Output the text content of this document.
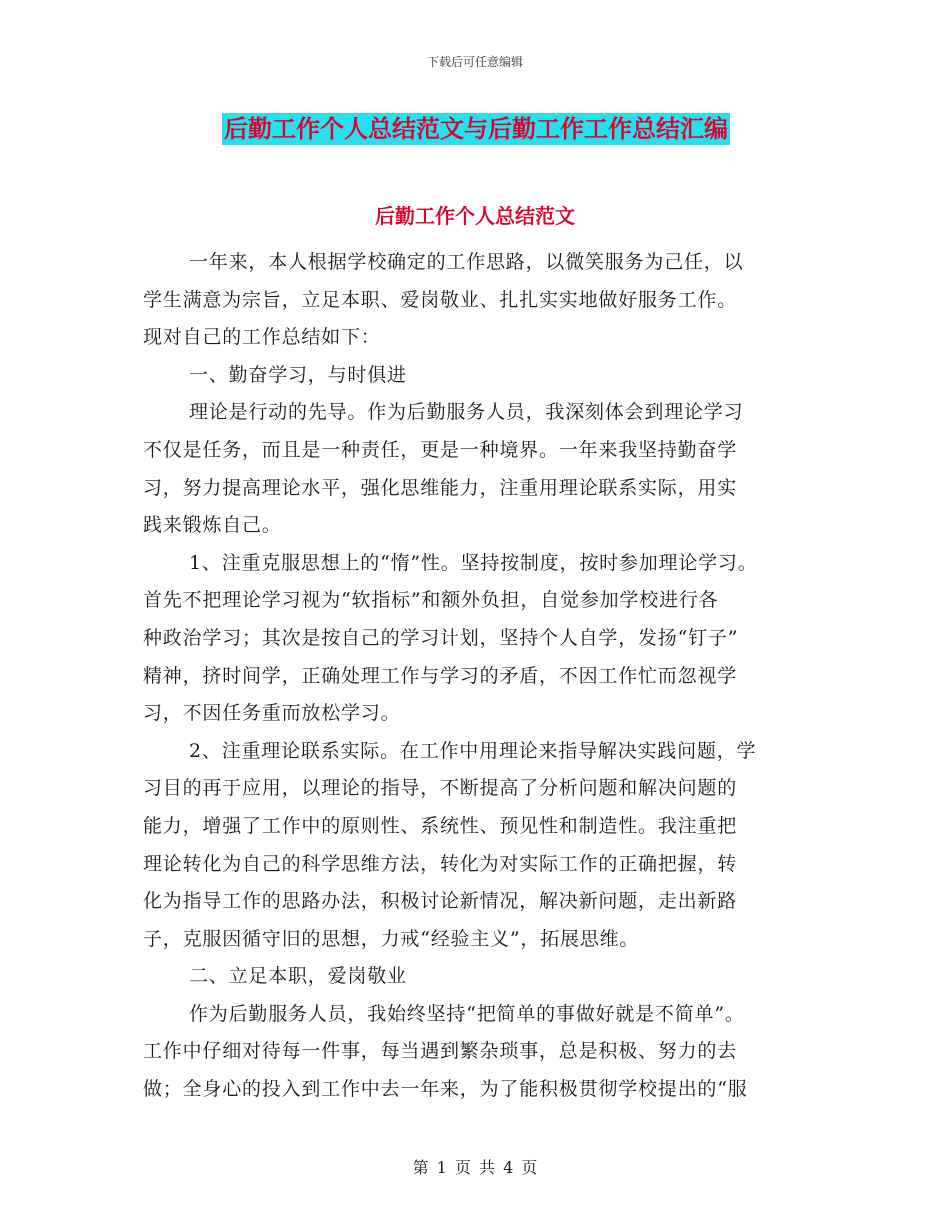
下载后可任意编辑
后勤工作个人总结范文与后勤工作工作总结汇编
后勤工作个人总结范文
一年来，本人根据学校确定的工作思路，以微笑服务为己任，以
学生满意为宗旨，立足本职、爱岗敬业、扎扎实实地做好服务工作。
现对自己的工作总结如下：
一、勤奋学习，与时俱进
理论是行动的先导。作为后勤服务人员，我深刻体会到理论学习
不仅是任务，而且是一种责任，更是一种境界。一年来我坚持勤奋学
习，努力提高理论水平，强化思维能力，注重用理论联系实际，用实
践来锻炼自己。
1、注重克服思想上的“惰”性。坚持按制度，按时参加理论学习。
首先不把理论学习视为“软指标”和额外负担，自觉参加学校进行各
种政治学习；其次是按自己的学习计划，坚持个人自学，发扬“钉子”
精神，挤时间学，正确处理工作与学习的矛盾，不因工作忙而忽视学
习，不因任务重而放松学习。
2、注重理论联系实际。在工作中用理论来指导解决实践问题，学
习目的再于应用，以理论的指导，不断提高了分析问题和解决问题的
能力，增强了工作中的原则性、系统性、预见性和制造性。我注重把
理论转化为自己的科学思维方法，转化为对实际工作的正确把握，转
化为指导工作的思路办法，积极讨论新情况，解决新问题，走出新路
子，克服因循守旧的思想，力戒“经验主义”，拓展思维。
二、立足本职，爱岗敬业
作为后勤服务人员，我始终坚持“把简单的事做好就是不简单”。
工作中仔细对待每一件事，每当遇到繁杂琐事，总是积极、努力的去
做；全身心的投入到工作中去一年来，为了能积极贯彻学校提出的“服
第 1 页 共 4 页
